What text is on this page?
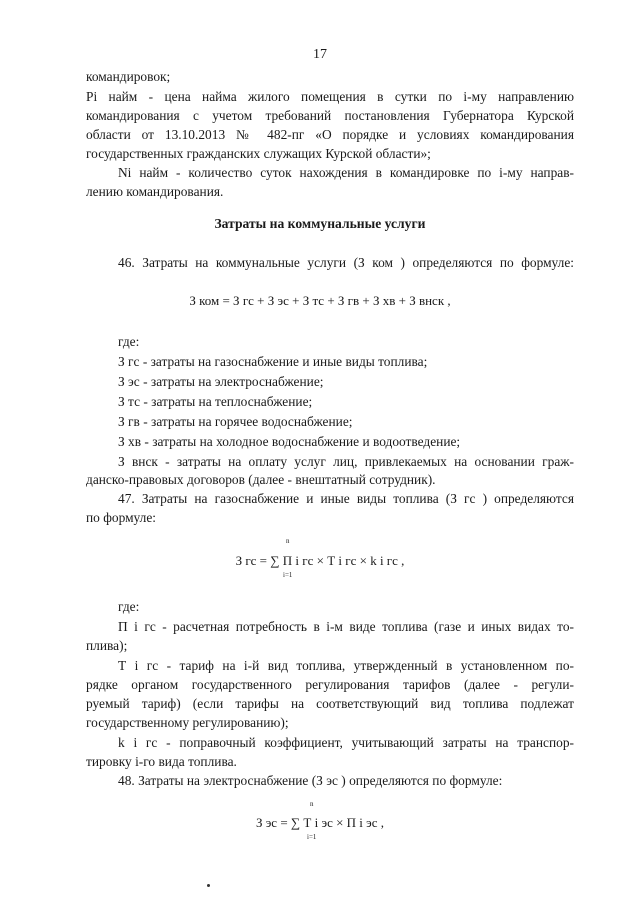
17
командировок;
Pі найм - цена найма жилого помещения в сутки по i-му направлению
командирования с учетом требований постановления Губернатора Курской
области от 13.10.2013 № 482-пг «О порядке и условиях командирования
государственных гражданских служащих Курской области»;
Nі найм - количество суток нахождения в командировке по i-му направ-
лению командирования.
Затраты на коммунальные услуги
46. Затраты на коммунальные услуги (З ком ) определяются по формуле:
З ком = З гс + З эс + З тс + З гв + З хв + З внск ,
где:
З гс - затраты на газоснабжение и иные виды топлива;
З эс - затраты на электроснабжение;
З тс - затраты на теплоснабжение;
З гв - затраты на горячее водоснабжение;
З хв - затраты на холодное водоснабжение и водоотведение;
З внск - затраты на оплату услуг лиц, привлекаемых на основании граж-
данско-правовых договоров (далее - внештатный сотрудник).
47. Затраты на газоснабжение и иные виды топлива (З гс ) определяются
по формуле:
З гс = ∑ П i гс × Т i гс × k i гс ,
n
i=1
где:
П i гс - расчетная потребность в i-м виде топлива (газе и иных видах то-
плива);
Т i гс - тариф на i-й вид топлива, утвержденный в установленном по-
рядке органом государственного регулирования тарифов (далее - регули-
руемый тариф) (если тарифы на соответствующий вид топлива подлежат
государственному регулированию);
k i гс - поправочный коэффициент, учитывающий затраты на транспор-
тировку i-го вида топлива.
48. Затраты на электроснабжение (З эс ) определяются по формуле:
З эс = ∑ Т i эс × П i эс ,
n
i=1
